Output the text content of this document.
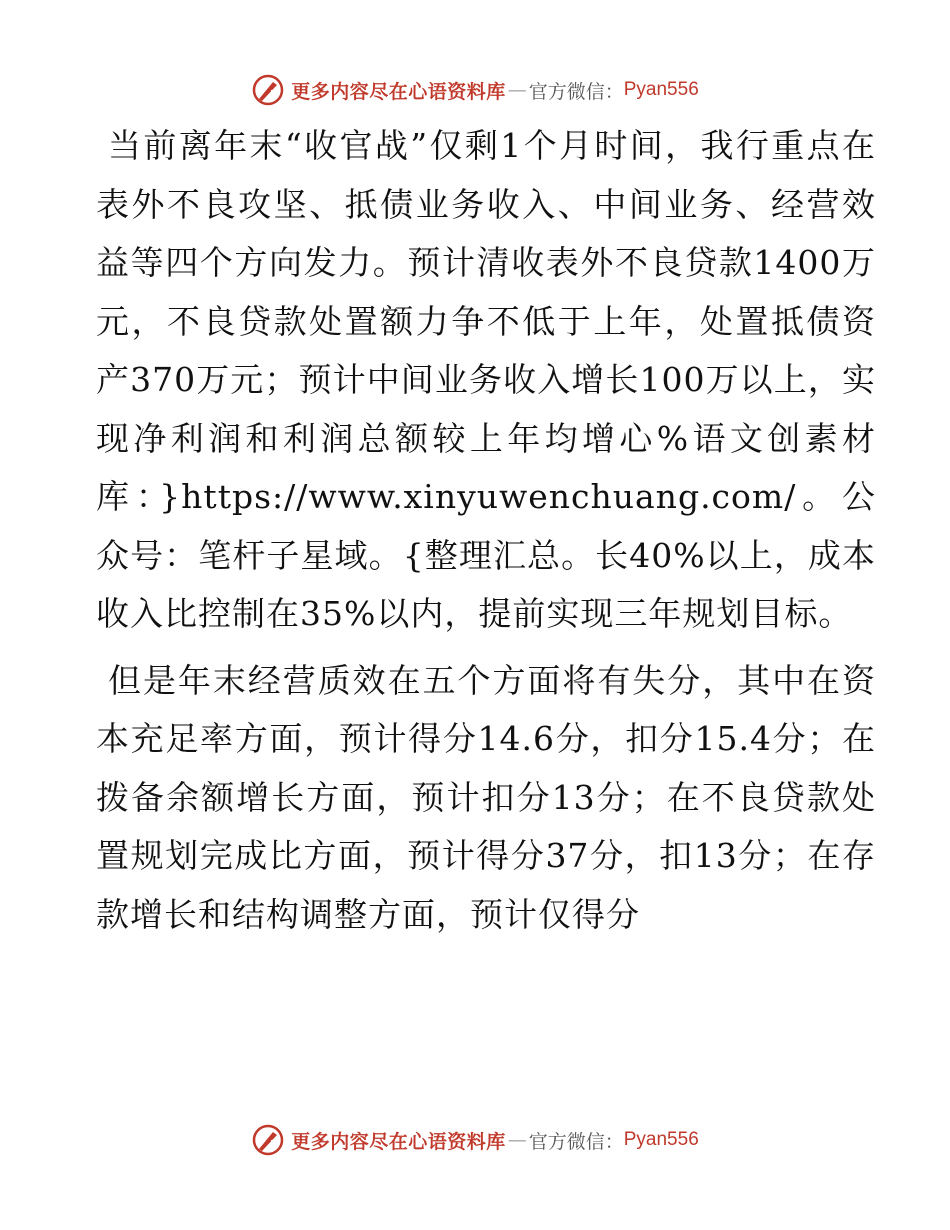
更多内容尽在心语资料库 — 官方微信： Pyan556

当前离年末“收官战”仅剩1个月时间，我行重点在表外不良攻坚、抵债业务收入、中间业务、经营效益等四个方向发力。预计清收表外不良贷款1400万元，不良贷款处置额力争不低于上年，处置抵债资产370万元；预计中间业务收入增长100万以上，实现净利润和利润总额较上年均增心%语文创素材库：}https://www.xinyuwenchuang.com/。公众号：笔杆子星域。{整理汇总。长40%以上，成本收入比控制在35%以内，提前实现三年规划目标。

但是年末经营质效在五个方面将有失分，其中在资本充足率方面，预计得分14.6分，扣分15.4分；在拨备余额增长方面，预计扣分13分；在不良贷款处置规划完成比方面，预计得分37分，扣13分；在存款增长和结构调整方面，预计仅得分

更多内容尽在心语资料库 — 官方微信： Pyan556
